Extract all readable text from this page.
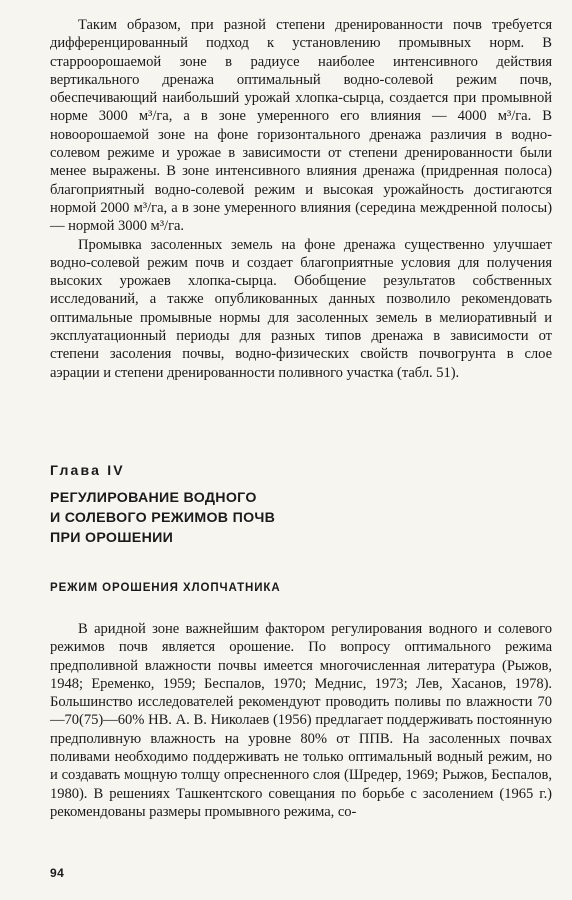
Таким образом, при разной степени дренированности почв требуется дифференцированный подход к установлению промывных норм. В старроорошаемой зоне в радиусе наиболее интенсивного действия вертикального дренажа оптимальный водно-солевой режим почв, обеспечивающий наибольший урожай хлопка-сырца, создается при промывной норме 3000 м³/га, а в зоне умеренного его влияния — 4000 м³/га. В новоорошаемой зоне на фоне горизонтального дренажа различия в водно-солевом режиме и урожае в зависимости от степени дренированности были менее выражены. В зоне интенсивного влияния дренажа (придренная полоса) благоприятный водно-солевой режим и высокая урожайность достигаются нормой 2000 м³/га, а в зоне умеренного влияния (середина междренной полосы) — нормой 3000 м³/га.

Промывка засоленных земель на фоне дренажа существенно улучшает водно-солевой режим почв и создает благоприятные условия для получения высоких урожаев хлопка-сырца. Обобщение результатов собственных исследований, а также опубликованных данных позволило рекомендовать оптимальные промывные нормы для засоленных земель в мелиоративный и эксплуатационный периоды для разных типов дренажа в зависимости от степени засоления почвы, водно-физических свойств почвогрунта в слое аэрации и степени дренированности поливного участка (табл. 51).

Глава IV
РЕГУЛИРОВАНИЕ ВОДНОГО
И СОЛЕВОГО РЕЖИМОВ ПОЧВ
ПРИ ОРОШЕНИИ
РЕЖИМ ОРОШЕНИЯ ХЛОПЧАТНИКА

В аридной зоне важнейшим фактором регулирования водного и солевого режимов почв является орошение. По вопросу оптимального режима предполивной влажности почвы имеется многочисленная литература (Рыжов, 1948; Еременко, 1959; Беспалов, 1970; Меднис, 1973; Лев, Хасанов, 1978). Большинство исследователей рекомендуют проводить поливы по влажности 70—70(75)—60% НВ. А. В. Николаев (1956) предлагает поддерживать постоянную предполивную влажность на уровне 80% от ППВ. На засоленных почвах поливами необходимо поддерживать не только оптимальный водный режим, но и создавать мощную толщу опресненного слоя (Шредер, 1969; Рыжов, Беспалов, 1980). В решениях Ташкентского совещания по борьбе с засолением (1965 г.) рекомендованы размеры промывного режима, со-

94
